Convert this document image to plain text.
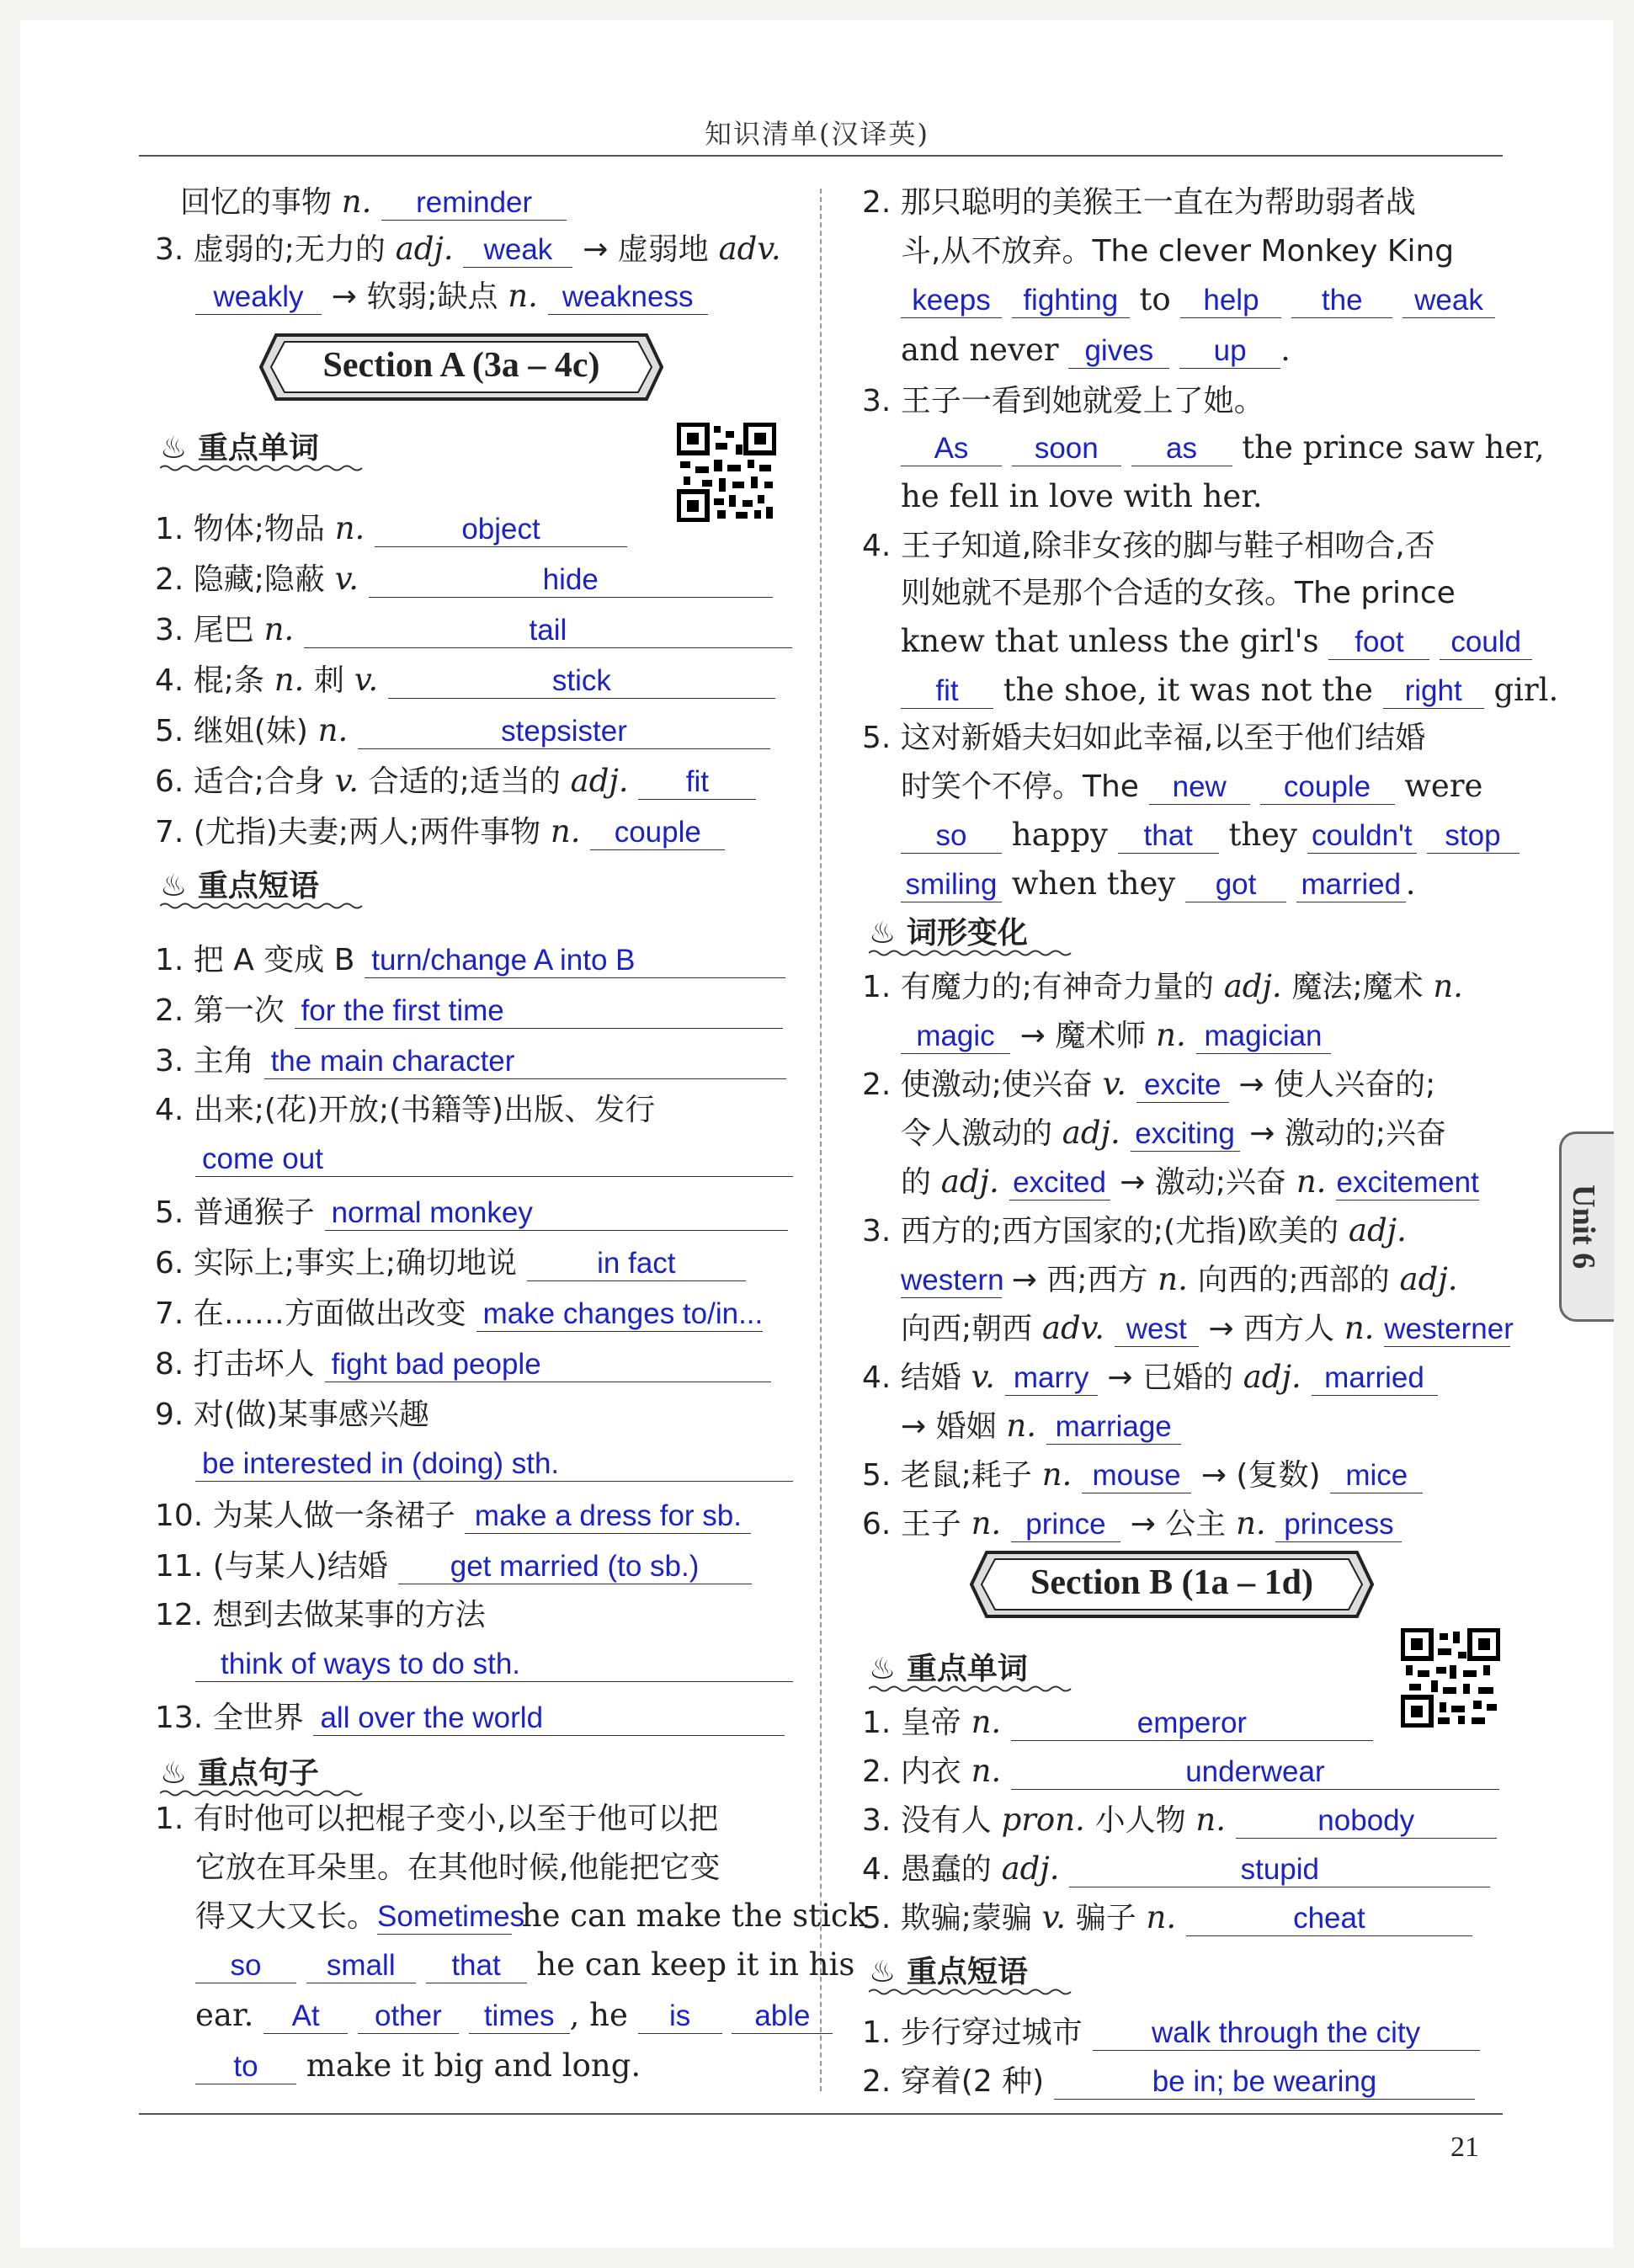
知识清单(汉译英)
回忆的事物 n. reminder
3. 虚弱的;无力的 adj. weak → 虚弱地 adv.
weakly → 软弱;缺点 n. weakness
Section A (3a – 4c)
♨ 重点单词
1. 物体;物品 n.	object
2. 隐藏;隐蔽 v.	hide
3. 尾巴 n.	tail
4. 棍;条 n. 刺 v.	stick
5. 继姐(妹) n.	stepsister
6. 适合;合身 v. 合适的;适当的 adj. fit
7. (尤指)夫妻;两人;两件事物 n. couple
♨ 重点短语
1. 把 A 变成 B turn/change A into B
2. 第一次 for the first time
3. 主角 the main character
4. 出来;(花)开放;(书籍等)出版、发行
come out
5. 普通猴子 normal monkey
6. 实际上;事实上;确切地说	in fact
7. 在……方面做出改变 make changes to/in...
8. 打击坏人 fight bad people
9. 对(做)某事感兴趣
be interested in (doing) sth.
10. 为某人做一条裙子 make a dress for sb.
11. (与某人)结婚 get married (to sb.)
12. 想到去做某事的方法
think of ways to do sth.
13. 全世界 all over the world
♨ 重点句子
1. 有时他可以把棍子变小,以至于他可以把
它放在耳朵里。在其他时候,他能把它变
得又大又长。Sometimes he can make the stick
so small that he can keep it in his
ear. At other times , he is able
to make it big and long.
2. 那只聪明的美猴王一直在为帮助弱者战
斗,从不放弃。The clever Monkey King
keeps fighting to help the weak
and never gives up .
3. 王子一看到她就爱上了她。
As soon as the prince saw her,
he fell in love with her.
4. 王子知道,除非女孩的脚与鞋子相吻合,否
则她就不是那个合适的女孩。The prince
knew that unless the girl's foot could
fit the shoe, it was not the right girl.
5. 这对新婚夫妇如此幸福,以至于他们结婚
时笑个不停。The new couple were
so happy that they couldn't stop
smiling when they got married .
♨ 词形变化
1. 有魔力的;有神奇力量的 adj. 魔法;魔术 n.
magic → 魔术师 n. magician
2. 使激动;使兴奋 v. excite → 使人兴奋的;
令人激动的 adj. exciting → 激动的;兴奋
的 adj. excited → 激动;兴奋 n. excitement
3. 西方的;西方国家的;(尤指)欧美的 adj.
western → 西;西方 n. 向西的;西部的 adj.
向西;朝西 adv. west → 西方人 n. westerner
4. 结婚 v. marry → 已婚的 adj. married
→ 婚姻 n. marriage
5. 老鼠;耗子 n. mouse → (复数) mice
6. 王子 n. prince → 公主 n. princess
Section B (1a – 1d)
♨ 重点单词
1. 皇帝 n.	emperor
2. 内衣 n.	underwear
3. 没有人 pron. 小人物 n.	nobody
4. 愚蠢的 adj.	stupid
5. 欺骗;蒙骗 v. 骗子 n.	cheat
♨ 重点短语
1. 步行穿过城市 walk through the city
2. 穿着(2 种)	be in; be wearing
Unit 6
21
